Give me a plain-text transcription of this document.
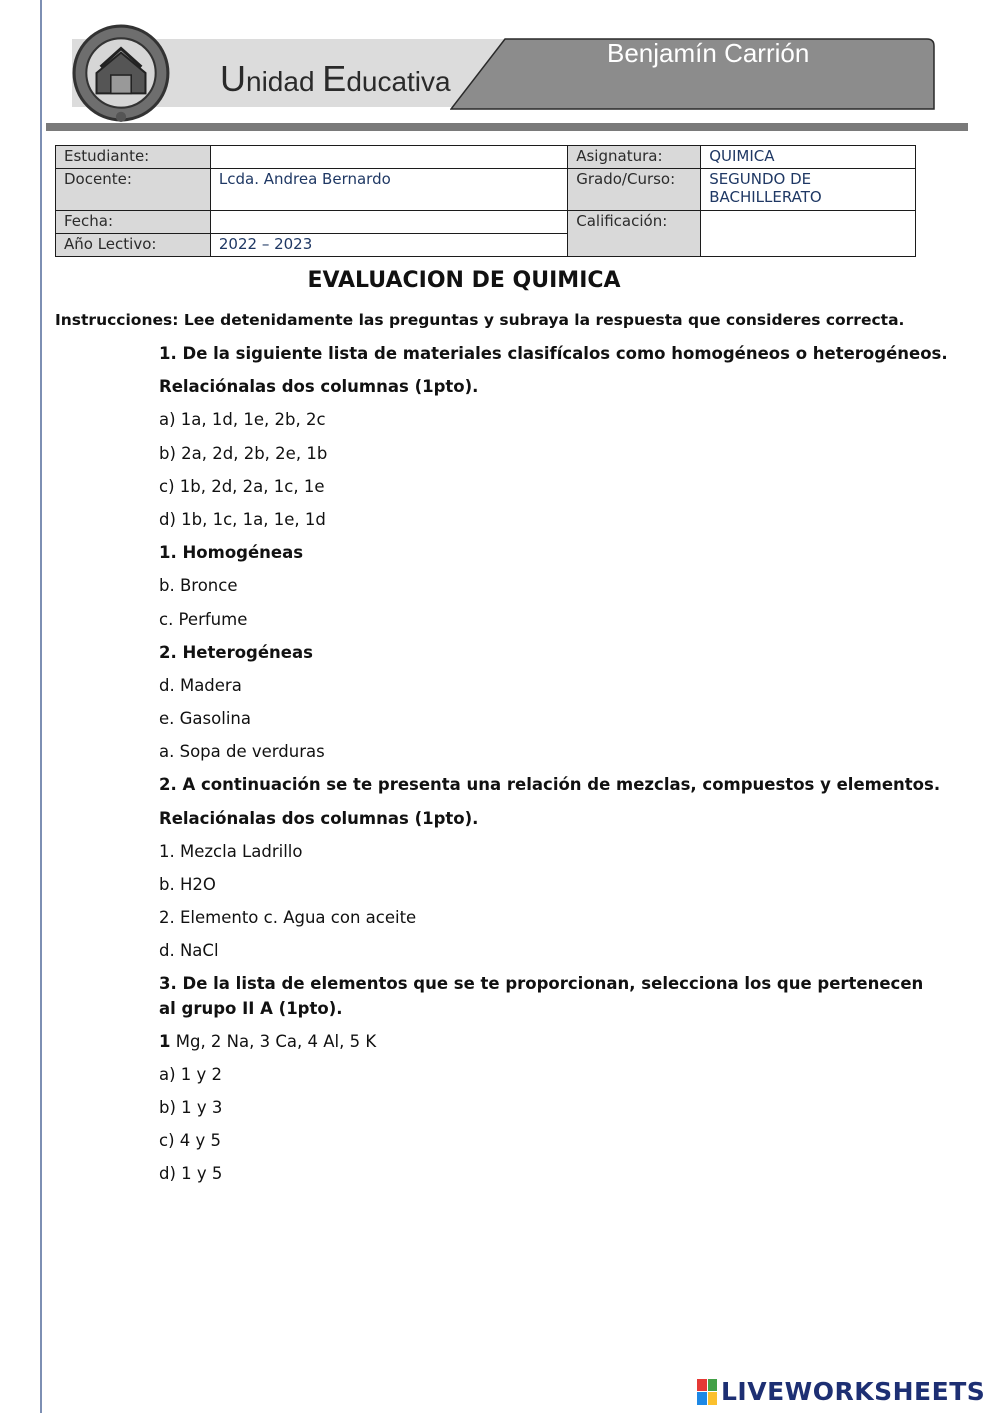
Benjamín Carrión
Unidad Educativa
Estudiante:		Asignatura:	QUIMICA
Docente:	Lcda. Andrea Bernardo	Grado/Curso:	SEGUNDO DE
BACHILLERATO

Fecha:		Calificación:	
Año Lectivo:	2022 – 2023		
EVALUACION DE QUIMICA
Instrucciones: Lee detenidamente las preguntas y subraya la respuesta que consideres correcta.
1. De la siguiente lista de materiales clasifícalos como homogéneos o heterogéneos.
Relaciónalas dos columnas (1pto).
a) 1a, 1d, 1e, 2b, 2c
b) 2a, 2d, 2b, 2e, 1b
c) 1b, 2d, 2a, 1c, 1e
d) 1b, 1c, 1a, 1e, 1d
1. Homogéneas
b. Bronce
c. Perfume
2. Heterogéneas
d. Madera
e. Gasolina
a. Sopa de verduras
2. A continuación se te presenta una relación de mezclas, compuestos y elementos.
Relaciónalas dos columnas (1pto).
1. Mezcla Ladrillo
b. H2O
2. Elemento c. Agua con aceite
d. NaCl
3. De la lista de elementos que se te proporcionan, selecciona los que pertenecen al grupo II A (1pto).
1 Mg, 2 Na, 3 Ca, 4 Al, 5 K
a) 1 y 2
b) 1 y 3
c) 4 y 5
d) 1 y 5
LIVEWORKSHEETS
